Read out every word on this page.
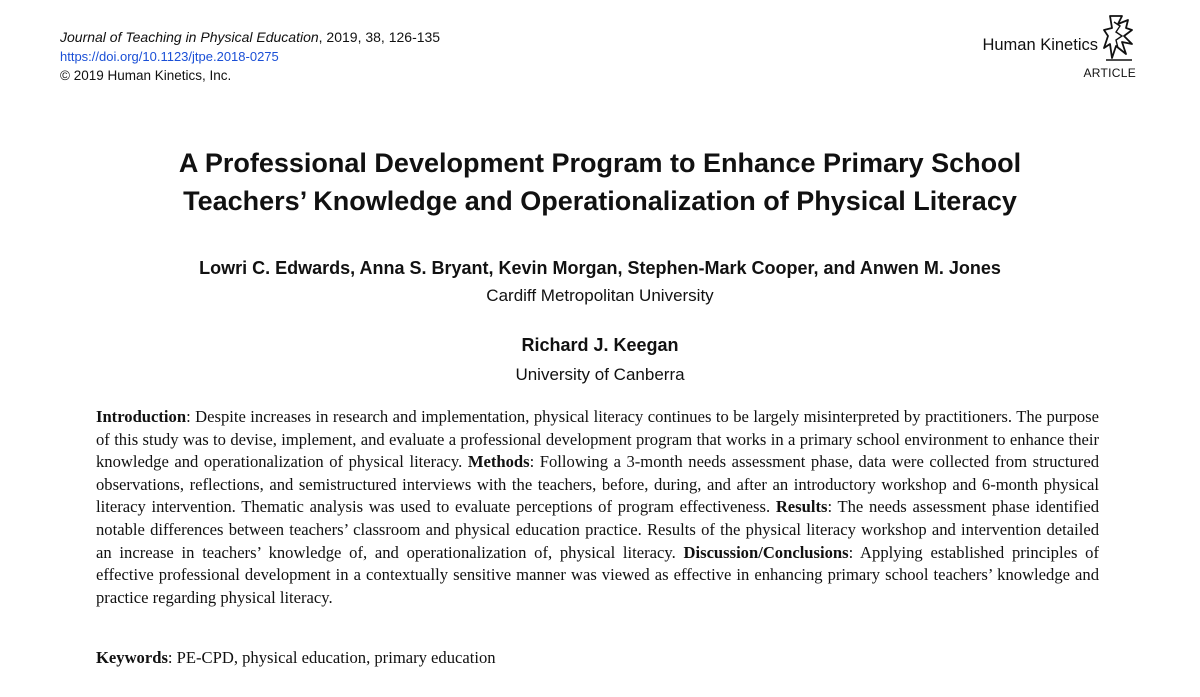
Journal of Teaching in Physical Education, 2019, 38, 126-135
https://doi.org/10.1123/jtpe.2018-0275
© 2019 Human Kinetics, Inc.
Human Kinetics
ARTICLE
A Professional Development Program to Enhance Primary School
Teachers’ Knowledge and Operationalization of Physical Literacy
Lowri C. Edwards, Anna S. Bryant, Kevin Morgan, Stephen-Mark Cooper, and Anwen M. Jones
Cardiff Metropolitan University
Richard J. Keegan
University of Canberra
Introduction: Despite increases in research and implementation, physical literacy continues to be largely misinterpreted by practitioners. The purpose of this study was to devise, implement, and evaluate a professional development program that works in a primary school environment to enhance their knowledge and operationalization of physical literacy. Methods: Following a 3-month needs assessment phase, data were collected from structured observations, reflections, and semistructured interviews with the teachers, before, during, and after an introductory workshop and 6-month physical literacy intervention. Thematic analysis was used to evaluate perceptions of program effectiveness. Results: The needs assessment phase identified notable differences between teachers’ classroom and physical education practice. Results of the physical literacy workshop and intervention detailed an increase in teachers’ knowledge of, and operationalization of, physical literacy. Discussion/Conclusions: Applying established principles of effective professional development in a contextually sensitive manner was viewed as effective in enhancing primary school teachers’ knowledge and practice regarding physical literacy.
Keywords: PE-CPD, physical education, primary education
